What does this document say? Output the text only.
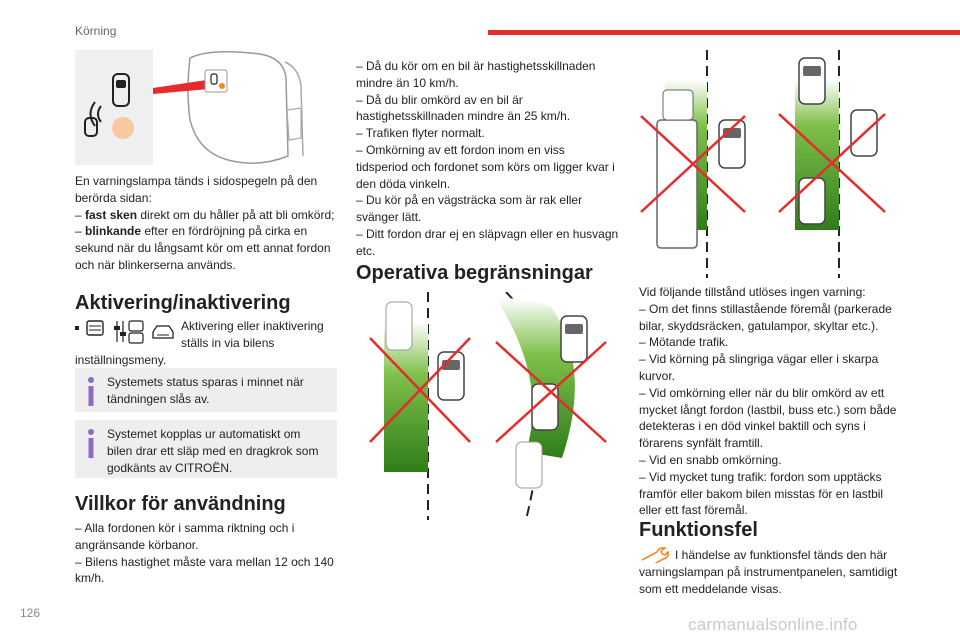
Körning

En varningslampa tänds i sidospegeln på den berörda sidan:

– fast sken direkt om du håller på att bli omkörd;

– blinkande efter en fördröjning på cirka en sekund när du långsamt kör om ett annat fordon och när blinkerserna används.

Aktivering/inaktivering
Aktivering eller inaktivering ställs in via bilens inställningsmeny.
Systemets status sparas i minnet när tändningen slås av.
Systemet kopplas ur automatiskt om bilen drar ett släp med en dragkrok som godkänts av CITROËN.
Villkor för användning

– Alla fordonen kör i samma riktning och i angränsande körbanor.

– Bilens hastighet måste vara mellan 12 och 140 km/h.

– Då du kör om en bil är hastighetsskillnaden mindre än 10 km/h.

– Då du blir omkörd av en bil är hastighetsskillnaden mindre än 25 km/h.

– Trafiken flyter normalt.

– Omkörning av ett fordon inom en viss tidsperiod och fordonet som körs om ligger kvar i den döda vinkeln.

– Du kör på en vägsträcka som är rak eller svänger lätt.

– Ditt fordon drar ej en släpvagn eller en husvagn etc.

Operativa begränsningar

Vid följande tillstånd utlöses ingen varning:

– Om det finns stillastående föremål (parkerade bilar, skyddsräcken, gatulampor, skyltar etc.).

– Mötande trafik.

– Vid körning på slingriga vägar eller i skarpa kurvor.

– Vid omkörning eller när du blir omkörd av ett mycket långt fordon (lastbil, buss etc.) som både detekteras i en död vinkel baktill och syns i förarens synfält framtill.

– Vid en snabb omkörning.

– Vid mycket tung trafik: fordon som upptäcks framför eller bakom bilen misstas för en lastbil eller ett fast föremål.

Funktionsfel
I händelse av funktionsfel tänds den här varningslampan på instrumentpanelen, samtidigt som ett meddelande visas.
126
carmanualsonline.info
